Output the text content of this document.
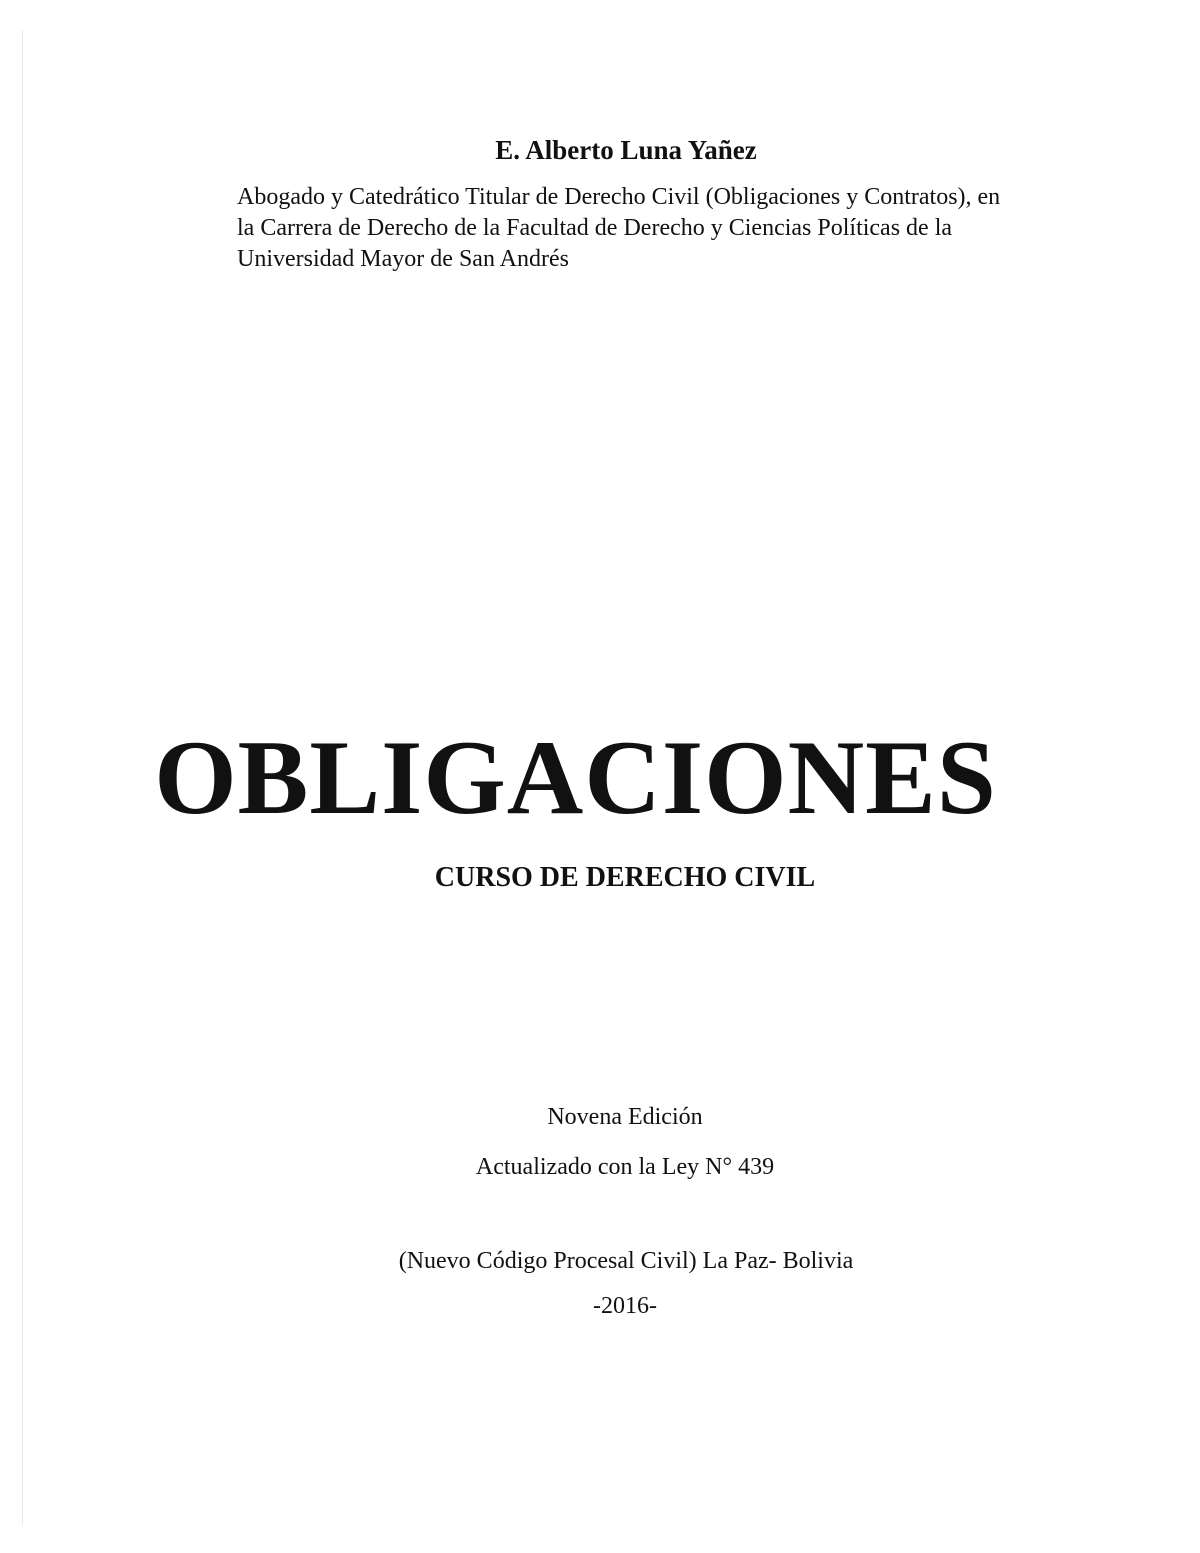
E. Alberto Luna Yañez

Abogado y Catedrático Titular de Derecho Civil (Obligaciones y Contratos), en
la Carrera de Derecho de la Facultad de Derecho y Ciencias Políticas de la
Universidad Mayor de San Andrés

OBLIGACIONES
CURSO DE DERECHO CIVIL
Novena Edición
Actualizado con la Ley N° 439
(Nuevo Código Procesal Civil) La Paz- Bolivia
-2016-
